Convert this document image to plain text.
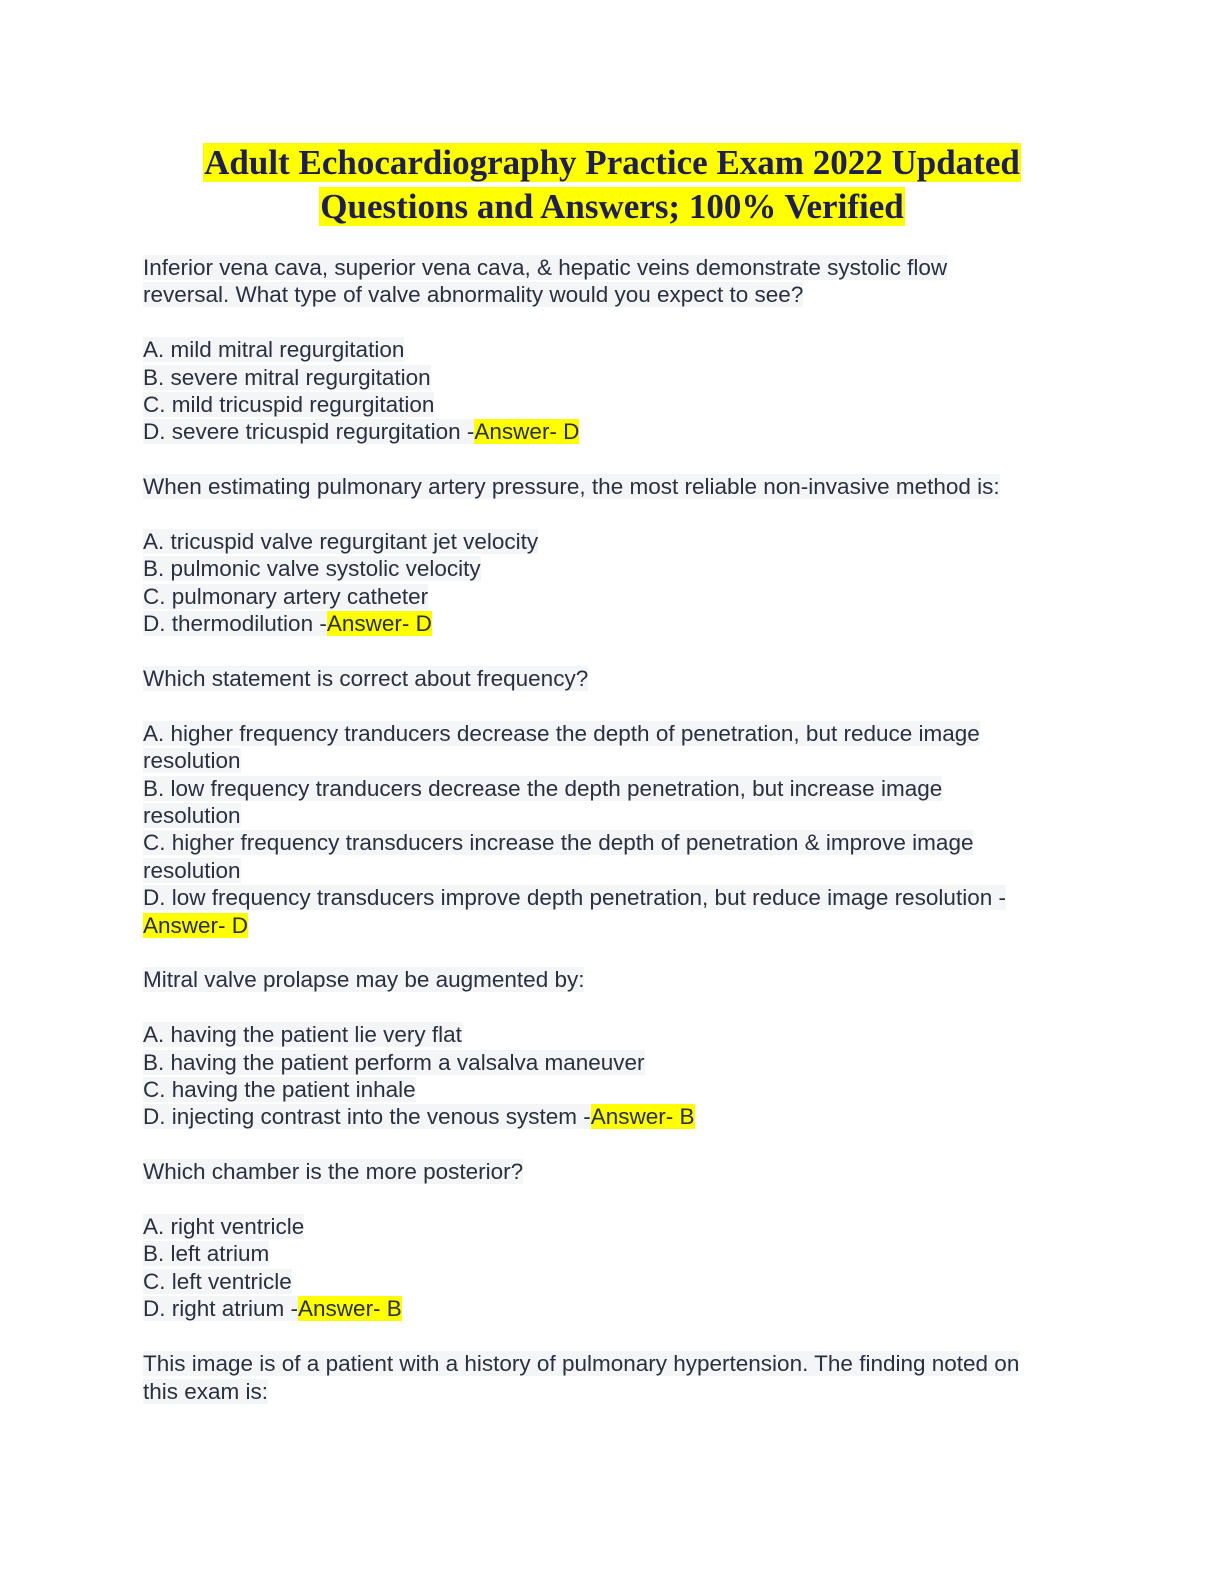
Adult Echocardiography Practice Exam 2022 Updated
Questions and Answers; 100% Verified
Inferior vena cava, superior vena cava, & hepatic veins demonstrate systolic flow
reversal. What type of valve abnormality would you expect to see?
A. mild mitral regurgitation
B. severe mitral regurgitation
C. mild tricuspid regurgitation
D. severe tricuspid regurgitation -Answer- D
When estimating pulmonary artery pressure, the most reliable non-invasive method is:
A. tricuspid valve regurgitant jet velocity
B. pulmonic valve systolic velocity
C. pulmonary artery catheter
D. thermodilution -Answer- D
Which statement is correct about frequency?
A. higher frequency tranducers decrease the depth of penetration, but reduce image
resolution
B. low frequency tranducers decrease the depth penetration, but increase image
resolution
C. higher frequency transducers increase the depth of penetration & improve image
resolution
D. low frequency transducers improve depth penetration, but reduce image resolution -
Answer- D
Mitral valve prolapse may be augmented by:
A. having the patient lie very flat
B. having the patient perform a valsalva maneuver
C. having the patient inhale
D. injecting contrast into the venous system -Answer- B
Which chamber is the more posterior?
A. right ventricle
B. left atrium
C. left ventricle
D. right atrium -Answer- B
This image is of a patient with a history of pulmonary hypertension. The finding noted on
this exam is:
